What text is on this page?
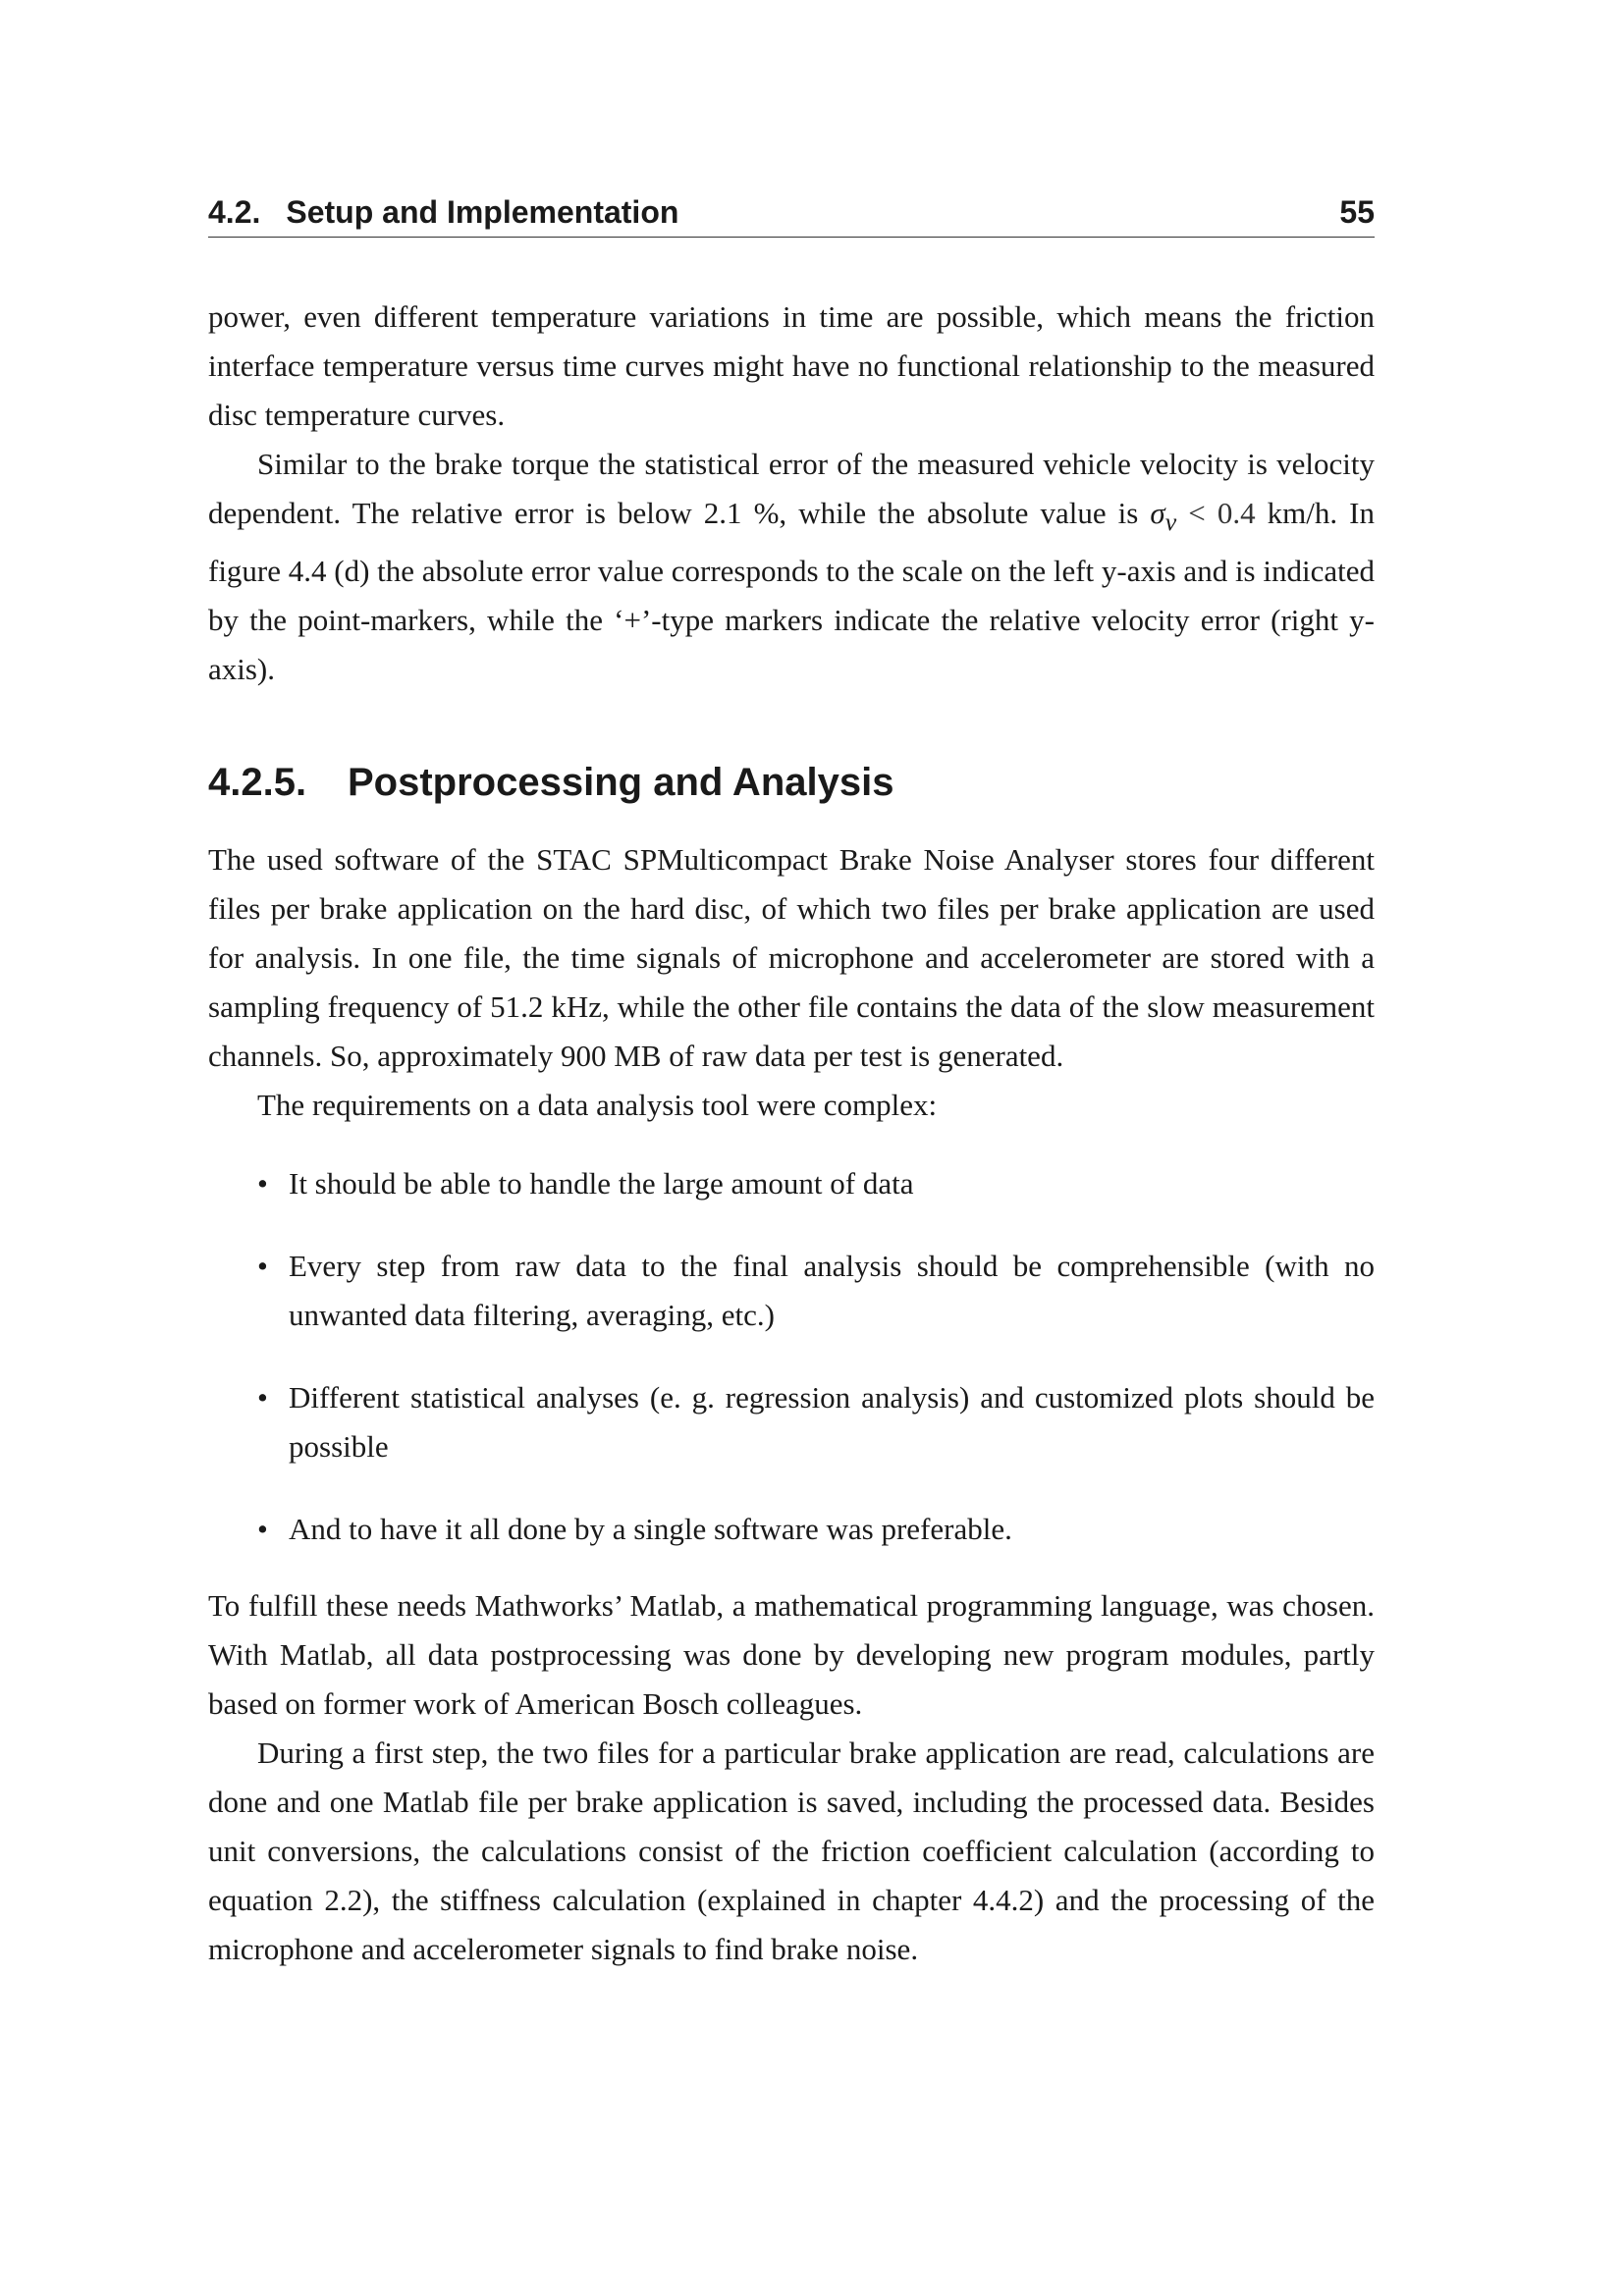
4.2. Setup and Implementation	55

power, even different temperature variations in time are possible, which means the friction interface temperature versus time curves might have no functional relationship to the measured disc temperature curves.

Similar to the brake torque the statistical error of the measured vehicle velocity is velocity dependent. The relative error is below 2.1 %, while the absolute value is $\sigma_v < 0.4$ km/h. In figure 4.4 (d) the absolute error value corresponds to the scale on the left y-axis and is indicated by the point-markers, while the ‘+’-type markers indicate the relative velocity error (right y-axis).

4.2.5. Postprocessing and Analysis

The used software of the STAC SPMulticompact Brake Noise Analyser stores four different files per brake application on the hard disc, of which two files per brake application are used for analysis. In one file, the time signals of microphone and accelerometer are stored with a sampling frequency of 51.2 kHz, while the other file contains the data of the slow measurement channels. So, approximately 900 MB of raw data per test is generated.

The requirements on a data analysis tool were complex:

• It should be able to handle the large amount of data
• Every step from raw data to the final analysis should be comprehensible (with no unwanted data filtering, averaging, etc.)
• Different statistical analyses (e. g. regression analysis) and customized plots should be possible
• And to have it all done by a single software was preferable.

To fulfill these needs Mathworks’ Matlab, a mathematical programming language, was chosen. With Matlab, all data postprocessing was done by developing new program modules, partly based on former work of American Bosch colleagues.

During a first step, the two files for a particular brake application are read, calculations are done and one Matlab file per brake application is saved, including the processed data. Besides unit conversions, the calculations consist of the friction coefficient calculation (according to equation 2.2), the stiffness calculation (explained in chapter 4.4.2) and the processing of the microphone and accelerometer signals to find brake noise.
